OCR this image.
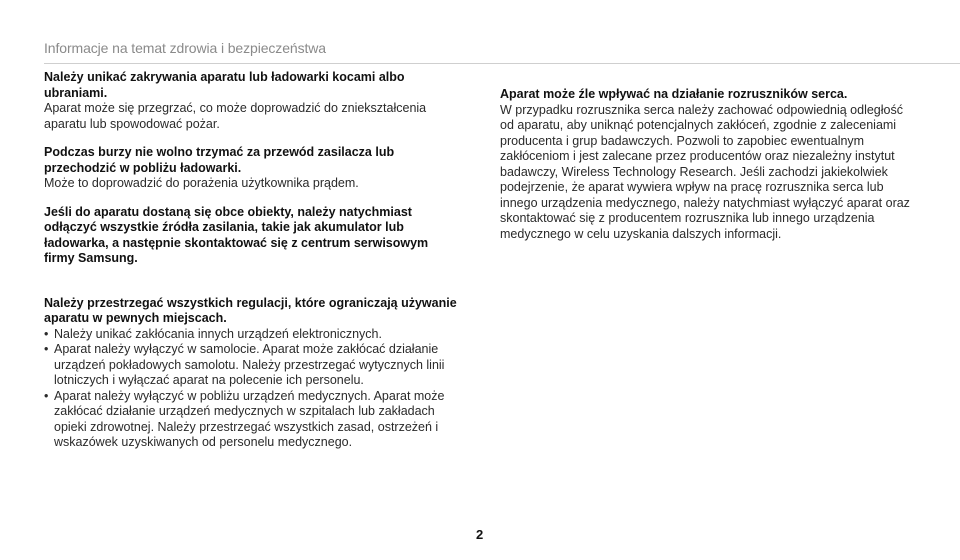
Informacje na temat zdrowia i bezpieczeństwa
Należy unikać zakrywania aparatu lub ładowarki kocami albo ubraniami.
Aparat może się przegrzać, co może doprowadzić do zniekształcenia aparatu lub spowodować pożar.
Podczas burzy nie wolno trzymać za przewód zasilacza lub przechodzić w pobliżu ładowarki.
Może to doprowadzić do porażenia użytkownika prądem.
Jeśli do aparatu dostaną się obce obiekty, należy natychmiast odłączyć wszystkie źródła zasilania, takie jak akumulator lub ładowarka, a następnie skontaktować się z centrum serwisowym firmy Samsung.
Należy przestrzegać wszystkich regulacji, które ograniczają używanie aparatu w pewnych miejscach.
• Należy unikać zakłócania innych urządzeń elektronicznych.
• Aparat należy wyłączyć w samolocie. Aparat może zakłócać działanie urządzeń pokładowych samolotu. Należy przestrzegać wytycznych linii lotniczych i wyłączać aparat na polecenie ich personelu.
• Aparat należy wyłączyć w pobliżu urządzeń medycznych. Aparat może zakłócać działanie urządzeń medycznych w szpitalach lub zakładach opieki zdrowotnej. Należy przestrzegać wszystkich zasad, ostrzeżeń i wskazówek uzyskiwanych od personelu medycznego.
Aparat może źle wpływać na działanie rozruszników serca.
W przypadku rozrusznika serca należy zachować odpowiednią odległość od aparatu, aby uniknąć potencjalnych zakłóceń, zgodnie z zaleceniami producenta i grup badawczych. Pozwoli to zapobiec ewentualnym zakłóceniom i jest zalecane przez producentów oraz niezależny instytut badawczy, Wireless Technology Research. Jeśli zachodzi jakiekolwiek podejrzenie, że aparat wywiera wpływ na pracę rozrusznika serca lub innego urządzenia medycznego, należy natychmiast wyłączyć aparat oraz skontaktować się z producentem rozrusznika lub innego urządzenia medycznego w celu uzyskania dalszych informacji.
2
